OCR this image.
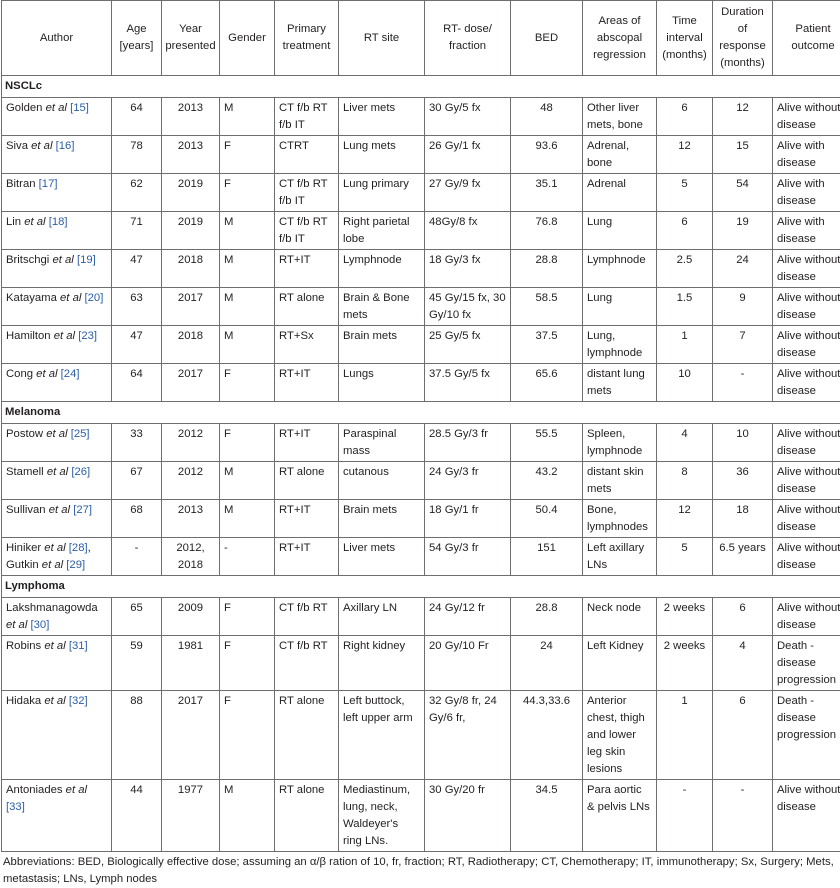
Author	Age [years]	Year presented	Gender	Primary treatment	RT site	RT- dose/ fraction	BED	Areas of abscopal regression	Time interval (months)	Duration of response (months)	Patient outcome
NSCLc											
Golden et al [15]	64	2013	M	CT f/b RT f/b IT	Liver mets	30 Gy/5 fx	48	Other liver mets, bone	6	12	Alive without disease
Siva et al [16]	78	2013	F	CTRT	Lung mets	26 Gy/1 fx	93.6	Adrenal, bone	12	15	Alive with disease
Bitran [17]	62	2019	F	CT f/b RT f/b IT	Lung primary	27 Gy/9 fx	35.1	Adrenal	5	54	Alive with disease
Lin et al [18]	71	2019	M	CT f/b RT f/b IT	Right parietal lobe	48Gy/8 fx	76.8	Lung	6	19	Alive with disease
Britschgi et al [19]	47	2018	M	RT+IT	Lymphnode	18 Gy/3 fx	28.8	Lymphnode	2.5	24	Alive without disease
Katayama et al [20]	63	2017	M	RT alone	Brain & Bone mets	45 Gy/15 fx, 30 Gy/10 fx	58.5	Lung	1.5	9	Alive without disease
Hamilton et al [23]	47	2018	M	RT+Sx	Brain mets	25 Gy/5 fx	37.5	Lung, lymphnode	1	7	Alive without disease
Cong et al [24]	64	2017	F	RT+IT	Lungs	37.5 Gy/5 fx	65.6	distant lung mets	10	-	Alive without disease
Melanoma											
Postow et al [25]	33	2012	F	RT+IT	Paraspinal mass	28.5 Gy/3 fr	55.5	Spleen, lymphnode	4	10	Alive without disease
Stamell et al [26]	67	2012	M	RT alone	cutanous	24 Gy/3 fr	43.2	distant skin mets	8	36	Alive without disease
Sullivan et al [27]	68	2013	M	RT+IT	Brain mets	18 Gy/1 fr	50.4	Bone, lymphnodes	12	18	Alive without disease
Hiniker et al [28], Gutkin et al [29]	-	2012, 2018	-	RT+IT	Liver mets	54 Gy/3 fr	151	Left axillary LNs	5	6.5 years	Alive without disease
Lymphoma											
Lakshmanagowda et al [30]	65	2009	F	CT f/b RT	Axillary LN	24 Gy/12 fr	28.8	Neck node	2 weeks	6	Alive without disease
Robins et al [31]	59	1981	F	CT f/b RT	Right kidney	20 Gy/10 Fr	24	Left Kidney	2 weeks	4	Death -disease progression
Hidaka et al [32]	88	2017	F	RT alone	Left buttock, left upper arm	32 Gy/8 fr, 24 Gy/6 fr,	44.3,33.6	Anterior chest, thigh and lower leg skin lesions	1	6	Death -disease progression
Antoniades et al [33]	44	1977	M	RT alone	Mediastinum, lung, neck, Waldeyer's ring LNs.	30 Gy/20 fr	34.5	Para aortic & pelvis LNs	-	-	Alive without disease
Abbreviations: BED, Biologically effective dose; assuming an α/β ration of 10, fr, fraction; RT, Radiotherapy; CT, Chemotherapy; IT, immunotherapy; Sx, Surgery; Mets, metastasis; LNs, Lymph nodes
